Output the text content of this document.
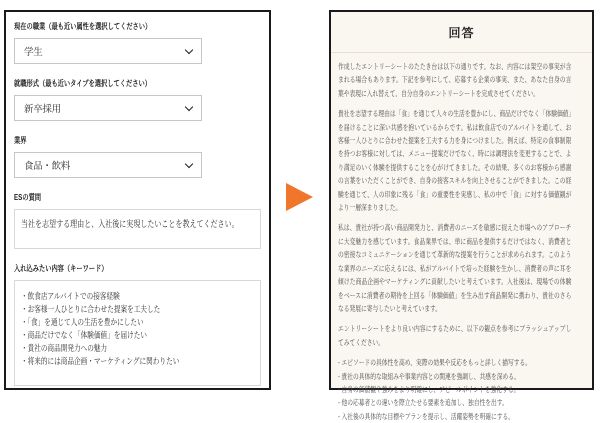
現在の職業（最も近い属性を選択してください）
学生
就職形式（最も近いタイプを選択してください）
新卒採用
業界
食品・飲料
ESの質問
当社を志望する理由と、入社後に実現したいことを教えてください。
入れ込みたい内容（キーワード）
・飲食店アルバイトでの接客経験
・お客様一人ひとりに合わせた提案を工夫した
・「食」を通じて人の生活を豊かにしたい
・商品だけでなく「体験価値」を届けたい
・貴社の商品開発力への魅力
・将来的には商品企画・マーケティングに関わりたい
回答

作成したエントリーシートのたたき台は以下の通りです。なお、内容には架空の事実が含まれる場合もあります。下記を参考にして、応募する企業の事実、また、あなた自身の言葉や表現に入れ替えて、自分自身のエントリーシートを完成させてください。

貴社を志望する理由は「食」を通じて人々の生活を豊かにし、商品だけでなく「体験価値」を届けることに深い共感を抱いているからです。私は飲食店でのアルバイトを通して、お客様一人ひとりに合わせた提案を工夫する力を身につけました。例えば、特定の食事制限を持つお客様に対しては、メニュー提案だけでなく、時には調理法を変更することで、より満足のいく体験を提供することを心がけてきました。その結果、多くのお客様から感謝の言葉をいただくことができ、自身の接客スキルを向上させることができました。この経験を通じて、人の印象に残る「食」の重要性を実感し、私の中で「食」に対する価値観がより一層深まりました。

私は、貴社が持つ高い商品開発力と、消費者のニーズを敏感に捉えた市場へのアプローチに大変魅力を感じています。食品業界では、単に商品を提供するだけではなく、消費者との密接なコミュニケーションを通じて革新的な提案を行うことが求められます。このような業界のニーズに応えるには、私がアルバイトで培った経験を生かし、消費者の声に耳を傾けた商品企画やマーケティングに貢献したいと考えています。入社後は、現場での体験をベースに消費者の期待を上回る「体験価値」を生み出す商品開発に携わり、貴社のさらなる発展に寄与したいと考えています。

エントリーシートをより良い内容にするために、以下の観点を参考にブラッシュアップしてみてください。

- エピソードの具体性を高め、実際の効果や反応をもっと詳しく描写する。
- 貴社の具体的な取組みや事業内容との関連を強調し、共感を深める。
- 自身の価値観や強みをより明確にし、アピールポイントを強化する。
- 他の応募者との違いを際立たせる要素を追加し、独自性を出す。
- 入社後の具体的な目標やプランを提示し、活躍姿勢を明確にする。
